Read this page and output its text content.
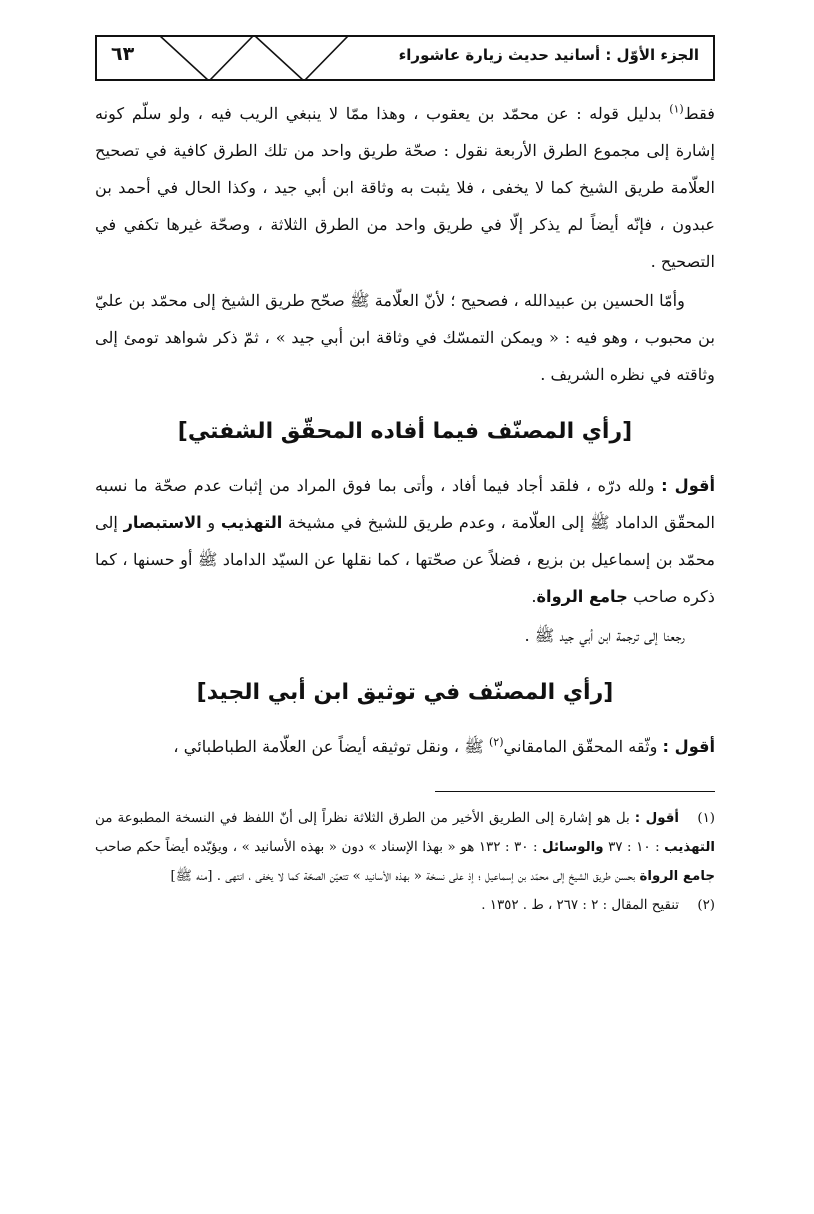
الجزء الأوّل : أسانيد حديث زيارة عاشوراء
٦٣

فقط$^{(١)}$ بدليل قوله : عن محمّد بن يعقوب ، وهذا ممّا لا ينبغي الريب فيه ، ولو سلّم كونه إشارة إلى مجموع الطرق الأربعة نقول : صحّة طريق واحد من تلك الطرق كافية في تصحيح العلّامة طريق الشيخ كما لا يخفى ، فلا يثبت به وثاقة ابن أبي جيد ، وكذا الحال في أحمد بن عبدون ، فإنّه أيضاً لم يذكر إلّا في طريق واحد من الطرق الثلاثة ، وصحّة غيرها تكفي في التصحيح .

وأمّا الحسين بن عبيدالله ، فصحيح ؛ لأنّ العلّامة ﷺ صحّح طريق الشيخ إلى محمّد بن عليّ بن محبوب ، وهو فيه : « ويمكن التمسّك في وثاقة ابن أبي جيد » ، ثمّ ذكر شواهد تومئ إلى وثاقته في نظره الشريف .

[رأي المصنّف فيما أفاده المحقّق الشفتي]

أقول : ولله درّه ، فلقد أجاد فيما أفاد ، وأتى بما فوق المراد من إثبات عدم صحّة ما نسبه المحقّق الداماد ﷺ إلى العلّامة ، وعدم طريق للشيخ في مشيخة التهذيب و الاستبصار إلى محمّد بن إسماعيل بن بزيع ، فضلاً عن صحّتها ، كما نقلها عن السيّد الداماد ﷺ أو حسنها ، كما ذكره صاحب جامع الرواة.

رجعنا إلى ترجمة ابن أبي جيد ﷺ .

[رأي المصنّف في توثيق ابن أبي الجيد]

أقول : وثّقه المحقّق المامقاني$^{(٢)}$ ﷺ ، ونقل توثيقه أيضاً عن العلّامة الطباطبائي ،

(١)أقول : بل هو إشارة إلى الطريق الأخير من الطرق الثلاثة نظراً إلى أنّ اللفظ في النسخة المطبوعة من التهذيب : ١٠ : ٣٧ والوسائل : ٣٠ : ١٣٢ هو « بهذا الإسناد » دون « بهذه الأسانيد » ، ويؤيّده أيضاً حكم صاحب جامع الرواة بحسن طريق الشيخ إلى محمّد بن إسماعيل ؛ إذ على نسخة « بهذه الأسانيد » تتعيّن الصحّة كما لا يخفى ، انتهى . [منه ﷺ]

(٢)تنقيح المقال : ٢ : ٢٦٧ ، ط . ١٣٥٢ .
